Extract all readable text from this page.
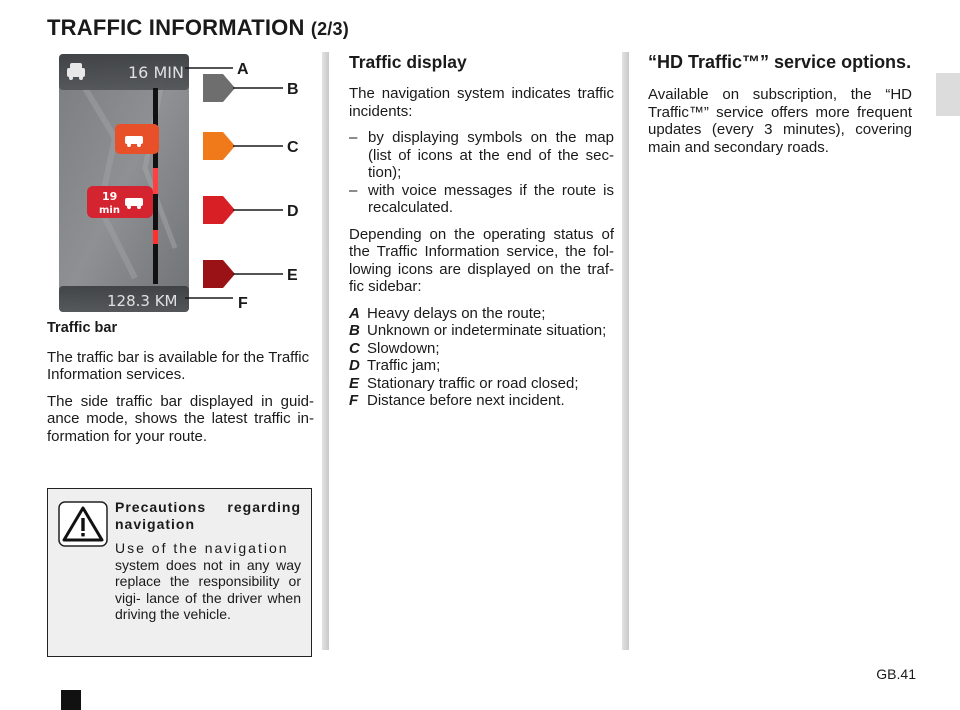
TRAFFIC INFORMATION (2/3)
16 MIN
19
min
128.3 KM
A
B
C
D
E
F

Traffic bar

The traffic bar is available for the Traffic Information services.

The side traffic bar displayed in guid- ance mode, shows the latest traffic in- formation for your route.

Precautions regarding navigation

Use of the navigation
system does not in any way replace the responsibility or vigi- lance of the driver when driving the vehicle.

Traffic display

The navigation system indicates traffic incidents:

– by displaying symbols on the map (list of icons at the end of the sec- tion);
– with voice messages if the route is recalculated.

Depending on the operating status of the Traffic Information service, the fol- lowing icons are displayed on the traf- fic sidebar:

A Heavy delays on the route;
B Unknown or indeterminate situation;
C Slowdown;
D Traffic jam;
E Stationary traffic or road closed;
F Distance before next incident.

“HD Traffic™” service options.

Available on subscription, the “HD Traffic™” service offers more frequent updates (every 3 minutes), covering main and secondary roads.

GB.41
